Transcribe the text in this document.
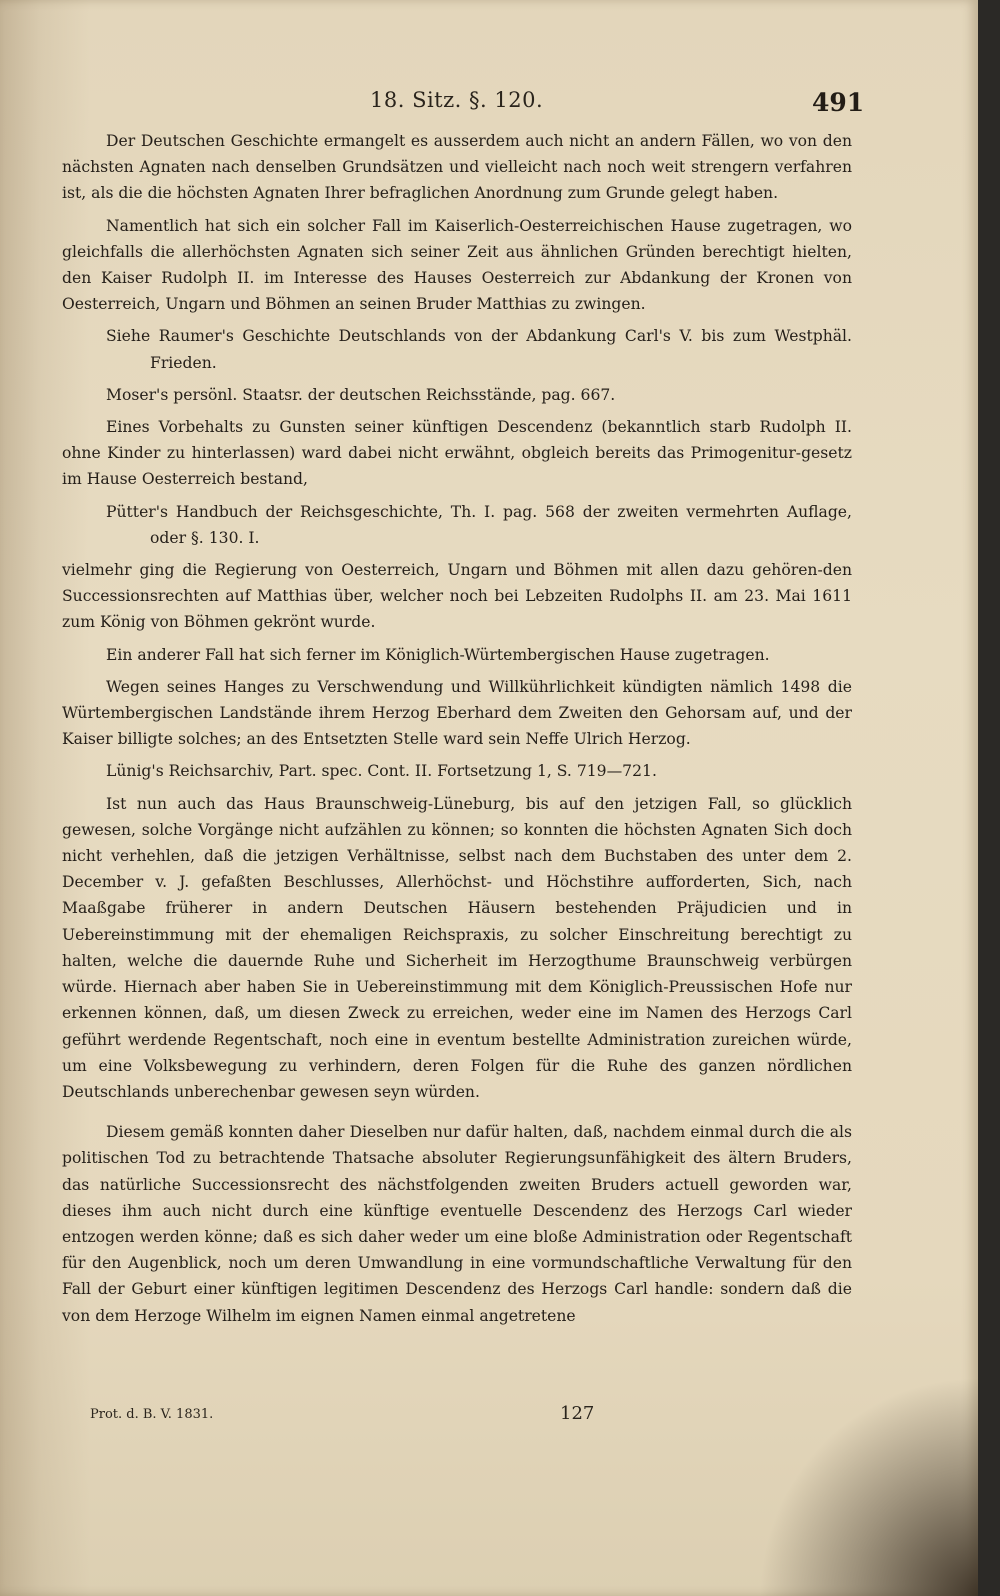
18. Sitz. §. 120.	491

Der Deutschen Geschichte ermangelt es ausserdem auch nicht an andern Fällen, wo von den nächsten Agnaten nach denselben Grundsätzen und vielleicht nach noch weit strengern verfahren ist, als die die höchsten Agnaten Ihrer befraglichen Anordnung zum Grunde gelegt haben.

Namentlich hat sich ein solcher Fall im Kaiserlich-Oesterreichischen Hause zugetragen, wo gleichfalls die allerhöchsten Agnaten sich seiner Zeit aus ähnlichen Gründen berechtigt hielten, den Kaiser Rudolph II. im Interesse des Hauses Oesterreich zur Abdankung der Kronen von Oesterreich, Ungarn und Böhmen an seinen Bruder Matthias zu zwingen.

Siehe Raumer's Geschichte Deutschlands von der Abdankung Carl's V. bis zum Westphäl. Frieden.

Moser's persönl. Staatsr. der deutschen Reichsstände, pag. 667.

Eines Vorbehalts zu Gunsten seiner künftigen Descendenz (bekanntlich starb Rudolph II. ohne Kinder zu hinterlassen) ward dabei nicht erwähnt, obgleich bereits das Primogenitur-gesetz im Hause Oesterreich bestand,

Pütter's Handbuch der Reichsgeschichte, Th. I. pag. 568 der zweiten vermehrten Auflage, oder §. 130. I.

vielmehr ging die Regierung von Oesterreich, Ungarn und Böhmen mit allen dazu gehören-den Successionsrechten auf Matthias über, welcher noch bei Lebzeiten Rudolphs II. am 23. Mai 1611 zum König von Böhmen gekrönt wurde.

Ein anderer Fall hat sich ferner im Königlich-Würtembergischen Hause zugetragen.

Wegen seines Hanges zu Verschwendung und Willkührlichkeit kündigten nämlich 1498 die Würtembergischen Landstände ihrem Herzog Eberhard dem Zweiten den Gehorsam auf, und der Kaiser billigte solches; an des Entsetzten Stelle ward sein Neffe Ulrich Herzog.

Lünig's Reichsarchiv, Part. spec. Cont. II. Fortsetzung 1, S. 719—721.

Ist nun auch das Haus Braunschweig-Lüneburg, bis auf den jetzigen Fall, so glücklich gewesen, solche Vorgänge nicht aufzählen zu können; so konnten die höchsten Agnaten Sich doch nicht verhehlen, daß die jetzigen Verhältnisse, selbst nach dem Buchstaben des unter dem 2. December v. J. gefaßten Beschlusses, Allerhöchst- und Höchstihre aufforderten, Sich, nach Maaßgabe früherer in andern Deutschen Häusern bestehenden Präjudicien und in Uebereinstimmung mit der ehemaligen Reichspraxis, zu solcher Einschreitung berechtigt zu halten, welche die dauernde Ruhe und Sicherheit im Herzogthume Braunschweig verbürgen würde. Hiernach aber haben Sie in Uebereinstimmung mit dem Königlich-Preussischen Hofe nur erkennen können, daß, um diesen Zweck zu erreichen, weder eine im Namen des Herzogs Carl geführt werdende Regentschaft, noch eine in eventum bestellte Administration zureichen würde, um eine Volksbewegung zu verhindern, deren Folgen für die Ruhe des ganzen nördlichen Deutschlands unberechenbar gewesen seyn würden.

Diesem gemäß konnten daher Dieselben nur dafür halten, daß, nachdem einmal durch die als politischen Tod zu betrachtende Thatsache absoluter Regierungsunfähigkeit des ältern Bruders, das natürliche Successionsrecht des nächstfolgenden zweiten Bruders actuell geworden war, dieses ihm auch nicht durch eine künftige eventuelle Descendenz des Herzogs Carl wieder entzogen werden könne; daß es sich daher weder um eine bloße Administration oder Regentschaft für den Augenblick, noch um deren Umwandlung in eine vormundschaftliche Verwaltung für den Fall der Geburt einer künftigen legitimen Descendenz des Herzogs Carl handle: sondern daß die von dem Herzoge Wilhelm im eignen Namen einmal angetretene

Prot. d. B. V. 1831.	127
